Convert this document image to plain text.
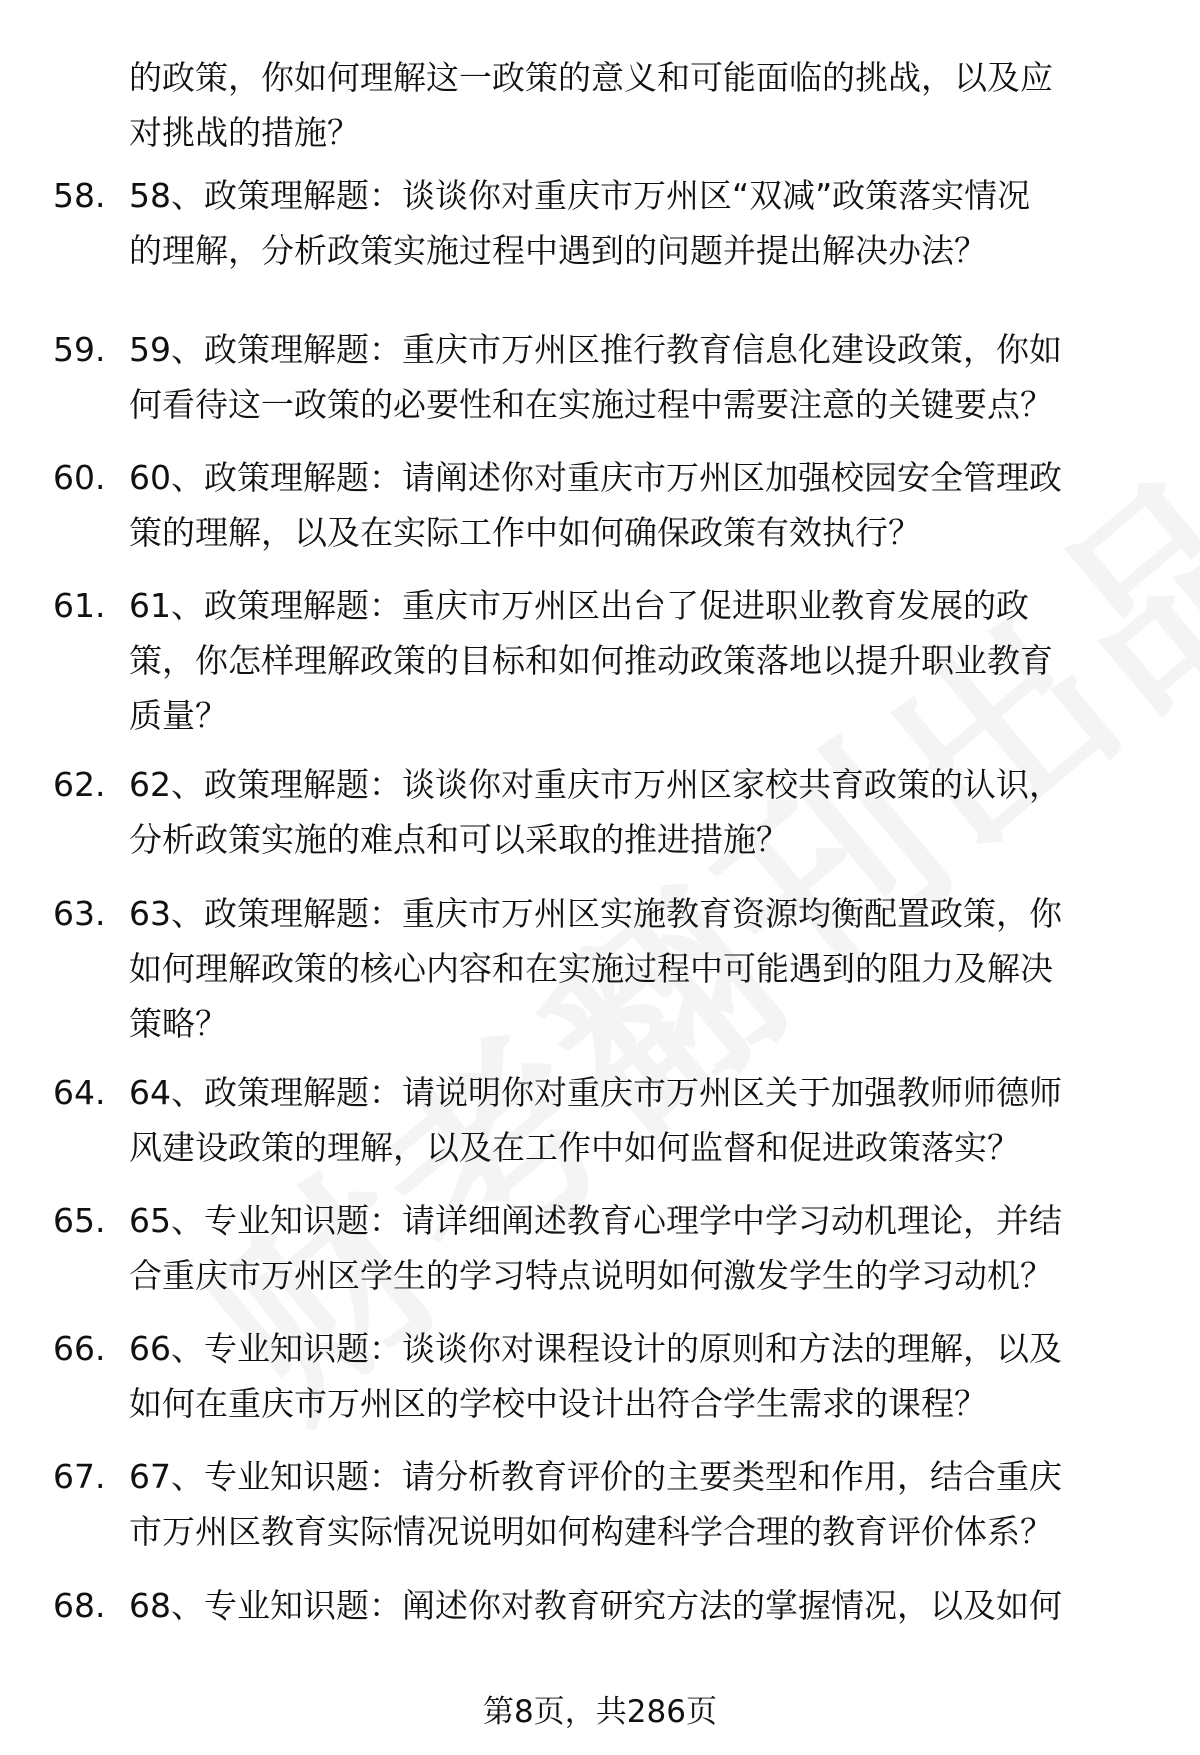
的政策，你如何理解这一政策的意义和可能面临的挑战，以及应
对挑战的措施？
58. 58、政策理解题：谈谈你对重庆市万州区“双减”政策落实情况
的理解，分析政策实施过程中遇到的问题并提出解决办法？
59. 59、政策理解题：重庆市万州区推行教育信息化建设政策，你如
何看待这一政策的必要性和在实施过程中需要注意的关键要点？
60. 60、政策理解题：请阐述你对重庆市万州区加强校园安全管理政
策的理解，以及在实际工作中如何确保政策有效执行？
61. 61、政策理解题：重庆市万州区出台了促进职业教育发展的政
策，你怎样理解政策的目标和如何推动政策落地以提升职业教育
质量？
62. 62、政策理解题：谈谈你对重庆市万州区家校共育政策的认识，
分析政策实施的难点和可以采取的推进措施？
63. 63、政策理解题：重庆市万州区实施教育资源均衡配置政策，你
如何理解政策的核心内容和在实施过程中可能遇到的阻力及解决
策略？
64. 64、政策理解题：请说明你对重庆市万州区关于加强教师师德师
风建设政策的理解，以及在工作中如何监督和促进政策落实？
65. 65、专业知识题：请详细阐述教育心理学中学习动机理论，并结
合重庆市万州区学生的学习特点说明如何激发学生的学习动机？
66. 66、专业知识题：谈谈你对课程设计的原则和方法的理解，以及
如何在重庆市万州区的学校中设计出符合学生需求的课程？
67. 67、专业知识题：请分析教育评价的主要类型和作用，结合重庆
市万州区教育实际情况说明如何构建科学合理的教育评价体系？
68. 68、专业知识题：阐述你对教育研究方法的掌握情况，以及如何
第8页，共286页
